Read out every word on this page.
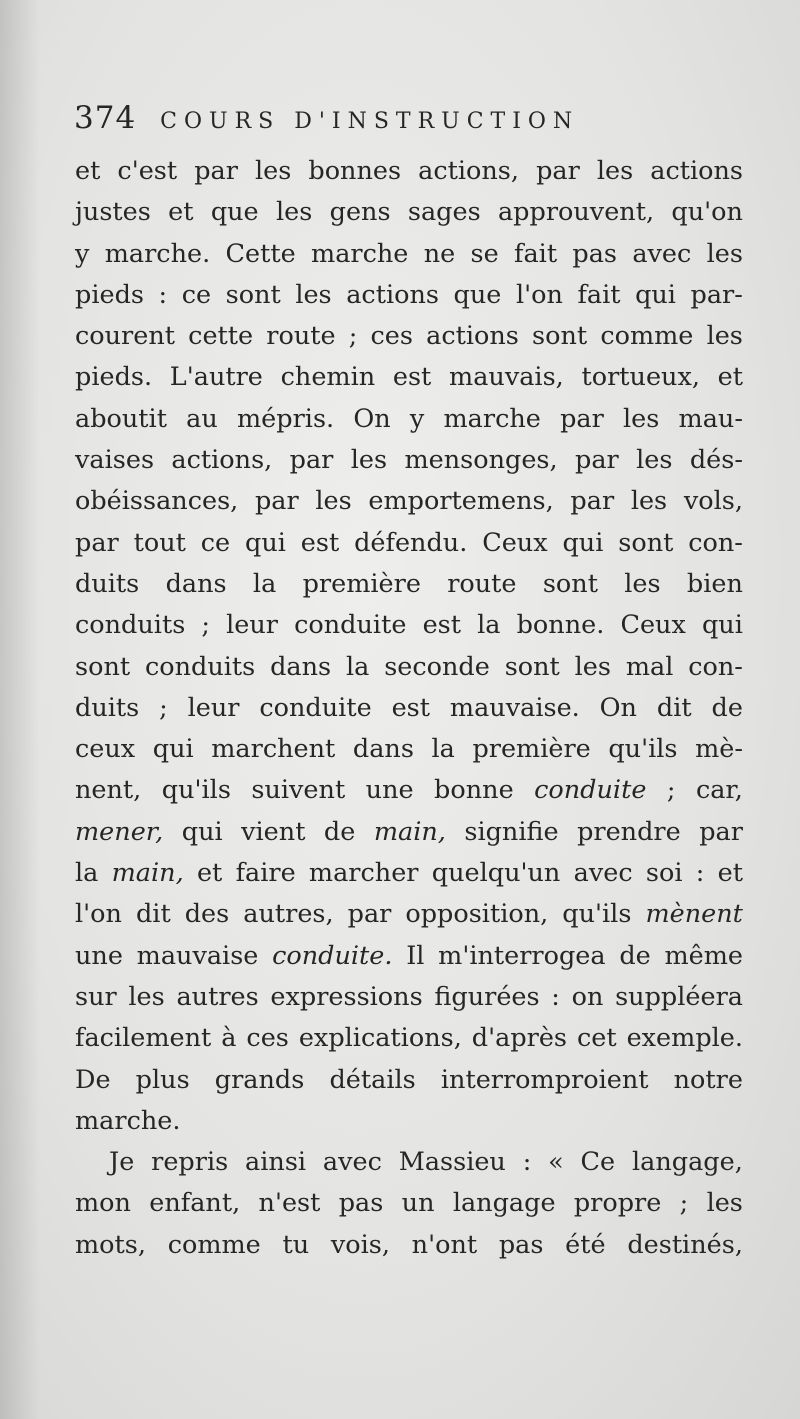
374 COURS D'INSTRUCTION
et c'est par les bonnes actions, par les actions
justes et que les gens sages approuvent, qu'on
y marche. Cette marche ne se fait pas avec les
pieds : ce sont les actions que l'on fait qui par-
courent cette route ; ces actions sont comme les
pieds. L'autre chemin est mauvais, tortueux, et
aboutit au mépris. On y marche par les mau-
vaises actions, par les mensonges, par les dés-
obéissances, par les emportemens, par les vols,
par tout ce qui est défendu. Ceux qui sont con-
duits dans la première route sont les bien
conduits ; leur conduite est la bonne. Ceux qui
sont conduits dans la seconde sont les mal con-
duits ; leur conduite est mauvaise. On dit de
ceux qui marchent dans la première qu'ils mè-
nent, qu'ils suivent une bonne conduite ; car,
mener, qui vient de main, signifie prendre par
la main, et faire marcher quelqu'un avec soi : et
l'on dit des autres, par opposition, qu'ils mènent
une mauvaise conduite. Il m'interrogea de même
sur les autres expressions figurées : on suppléera
facilement à ces explications, d'après cet exemple.
De plus grands détails interromproient notre
marche.
Je
repris
ainsi
avec
Massieu
:
«
Ce
langage,
mon enfant, n'est pas un langage propre ; les
mots, comme tu vois, n'ont pas été destinés,
